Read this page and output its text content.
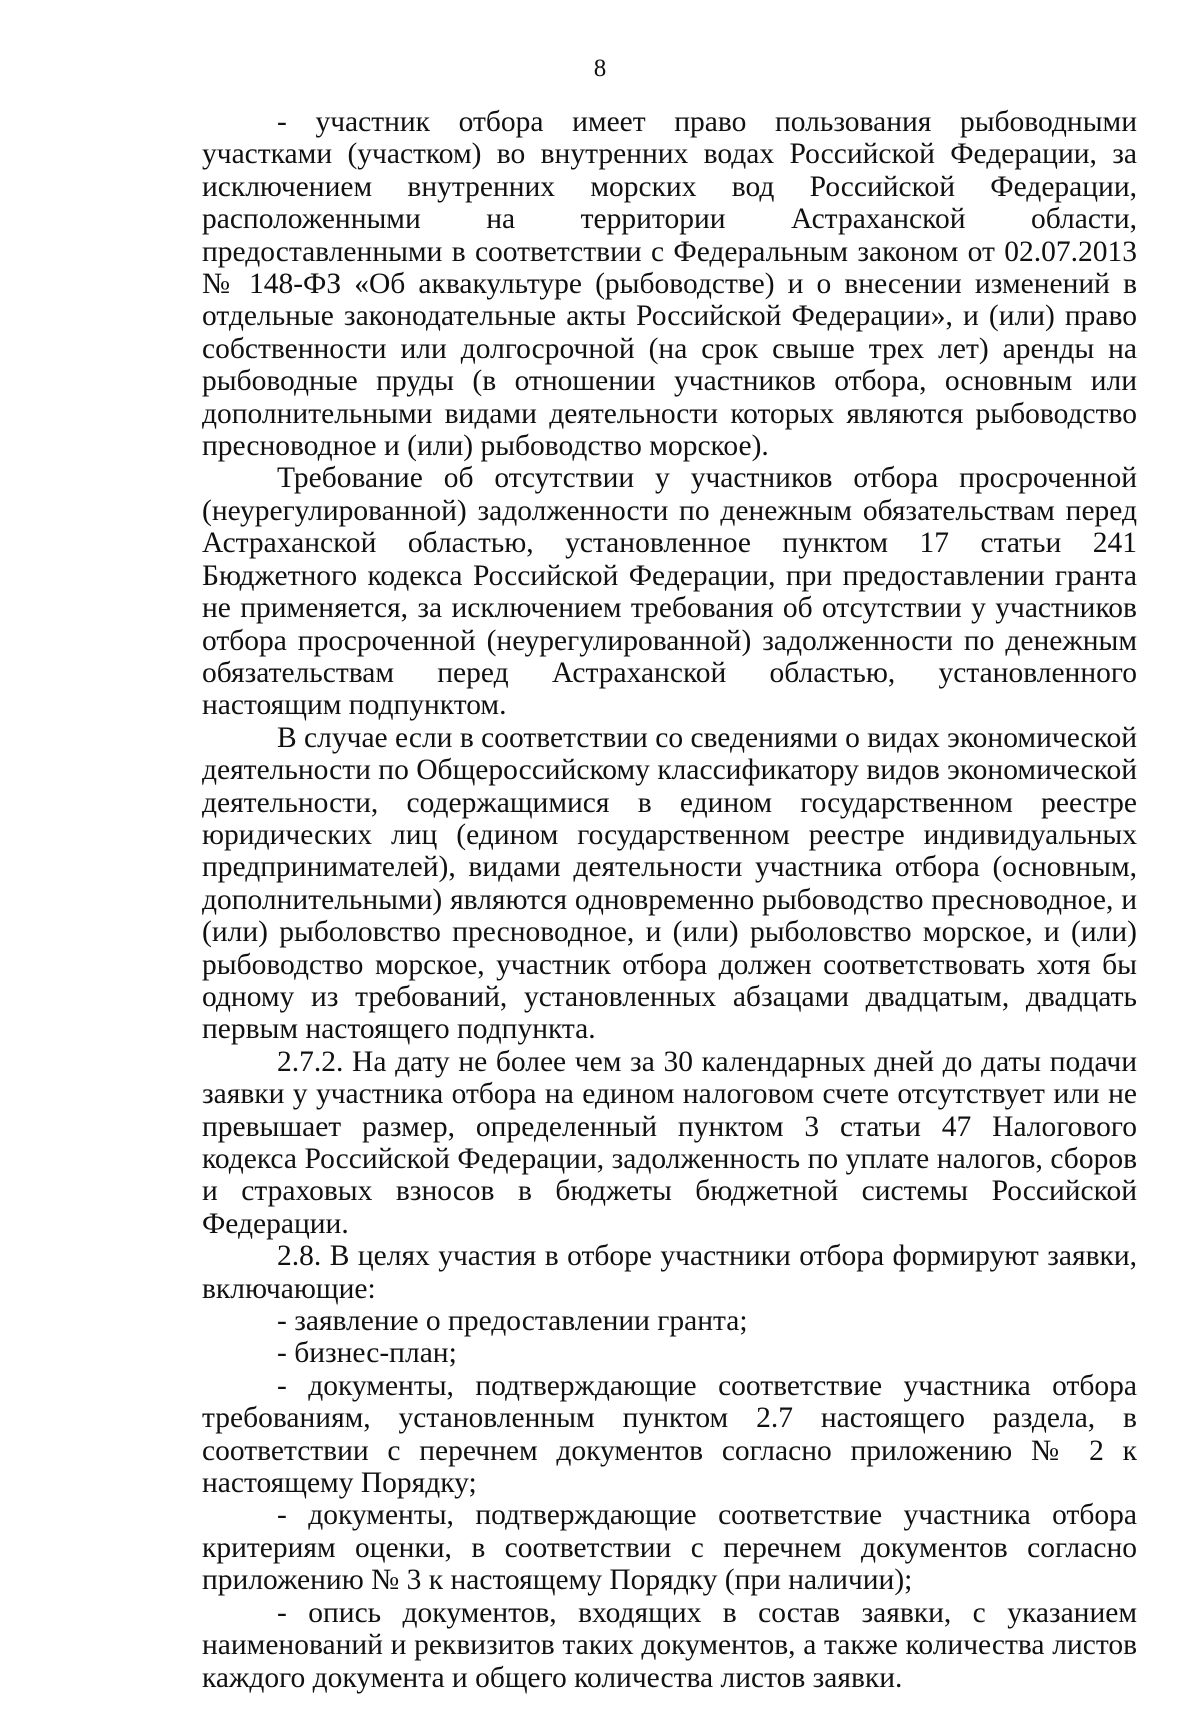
8

- участник отбора имеет право пользования рыбоводными участками (участком) во внутренних водах Российской Федерации, за исключением внутренних морских вод Российской Федерации, расположенными на территории Астраханской области, предоставленными в соответствии с Федеральным законом от 02.07.2013 № 148-ФЗ «Об аквакультуре (рыбоводстве) и о внесении изменений в отдельные законодательные акты Российской Федерации», и (или) право собственности или долгосрочной (на срок свыше трех лет) аренды на рыбоводные пруды (в отношении участников отбора, основным или дополнительными видами деятельности которых являются рыбоводство пресноводное и (или) рыбоводство морское).

Требование об отсутствии у участников отбора просроченной (неурегулированной) задолженности по денежным обязательствам перед Астраханской областью, установленное пунктом 17 статьи 241 Бюджетного кодекса Российской Федерации, при предоставлении гранта не применяется, за исключением требования об отсутствии у участников отбора просроченной (неурегулированной) задолженности по денежным обязательствам перед Астраханской областью, установленного настоящим подпунктом.

В случае если в соответствии со сведениями о видах экономической деятельности по Общероссийскому классификатору видов экономической деятельности, содержащимися в едином государственном реестре юридических лиц (едином государственном реестре индивидуальных предпринимателей), видами деятельности участника отбора (основным, дополнительными) являются одновременно рыбоводство пресноводное, и (или) рыболовство пресноводное, и (или) рыболовство морское, и (или) рыбоводство морское, участник отбора должен соответствовать хотя бы одному из требований, установленных абзацами двадцатым, двадцать первым настоящего подпункта.

2.7.2. На дату не более чем за 30 календарных дней до даты подачи заявки у участника отбора на едином налоговом счете отсутствует или не превышает размер, определенный пунктом 3 статьи 47 Налогового кодекса Российской Федерации, задолженность по уплате налогов, сборов и страховых взносов в бюджеты бюджетной системы Российской Федерации.

2.8. В целях участия в отборе участники отбора формируют заявки, включающие:

- заявление о предоставлении гранта;

- бизнес-план;

- документы, подтверждающие соответствие участника отбора требованиям, установленным пунктом 2.7 настоящего раздела, в соответствии с перечнем документов согласно приложению № 2 к настоящему Порядку;

- документы, подтверждающие соответствие участника отбора критериям оценки, в соответствии с перечнем документов согласно приложению № 3 к настоящему Порядку (при наличии);

- опись документов, входящих в состав заявки, с указанием наименований и реквизитов таких документов, а также количества листов каждого документа и общего количества листов заявки.
